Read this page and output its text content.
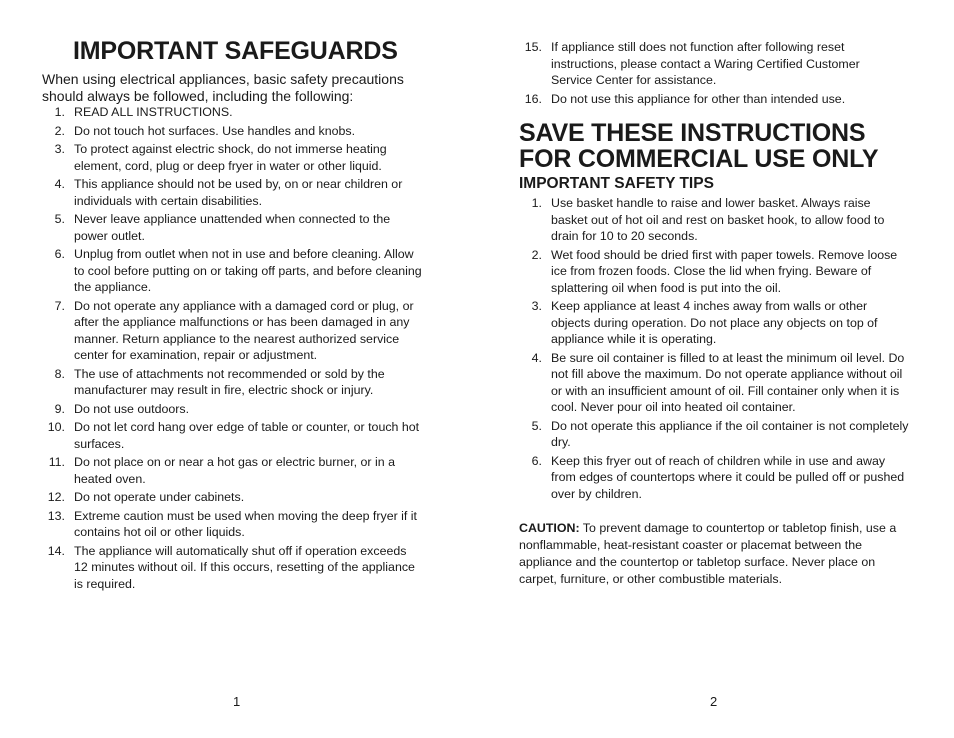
IMPORTANT SAFEGUARDS
When using electrical appliances, basic safety precautions should always be followed, including the following:
1. READ ALL INSTRUCTIONS.
2. Do not touch hot surfaces. Use handles and knobs.
3. To protect against electric shock, do not immerse heating element, cord, plug or deep fryer in water or other liquid.
4. This appliance should not be used by, on or near children or individuals with certain disabilities.
5. Never leave appliance unattended when connected to the power outlet.
6. Unplug from outlet when not in use and before cleaning. Allow to cool before putting on or taking off parts, and before cleaning the appliance.
7. Do not operate any appliance with a damaged cord or plug, or after the appliance malfunctions or has been damaged in any manner. Return appliance to the nearest authorized service center for examination, repair or adjustment.
8. The use of attachments not recommended or sold by the manufacturer may result in fire, electric shock or injury.
9. Do not use outdoors.
10. Do not let cord hang over edge of table or counter, or touch hot surfaces.
11. Do not place on or near a hot gas or electric burner, or in a heated oven.
12. Do not operate under cabinets.
13. Extreme caution must be used when moving the deep fryer if it contains hot oil or other liquids.
14. The appliance will automatically shut off if operation exceeds 12 minutes without oil. If this occurs, resetting of the appliance is required.
1
15. If appliance still does not function after following reset instructions, please contact a Waring Certified Customer Service Center for assistance.
16. Do not use this appliance for other than intended use.
SAVE THESE INSTRUCTIONS
FOR COMMERCIAL USE ONLY
IMPORTANT SAFETY TIPS
1. Use basket handle to raise and lower basket. Always raise basket out of hot oil and rest on basket hook, to allow food to drain for 10 to 20 seconds.
2. Wet food should be dried first with paper towels. Remove loose ice from frozen foods. Close the lid when frying. Beware of splattering oil when food is put into the oil.
3. Keep appliance at least 4 inches away from walls or other objects during operation. Do not place any objects on top of appliance while it is operating.
4. Be sure oil container is filled to at least the minimum oil level. Do not fill above the maximum. Do not operate appliance without oil or with an insufficient amount of oil. Fill container only when it is cool. Never pour oil into heated oil container.
5. Do not operate this appliance if the oil container is not completely dry.
6. Keep this fryer out of reach of children while in use and away from edges of countertops where it could be pulled off or pushed over by children.
CAUTION: To prevent damage to countertop or tabletop finish, use a nonflammable, heat-resistant coaster or placemat between the appliance and the countertop or tabletop surface. Never place on carpet, furniture, or other combustible materials.
2
